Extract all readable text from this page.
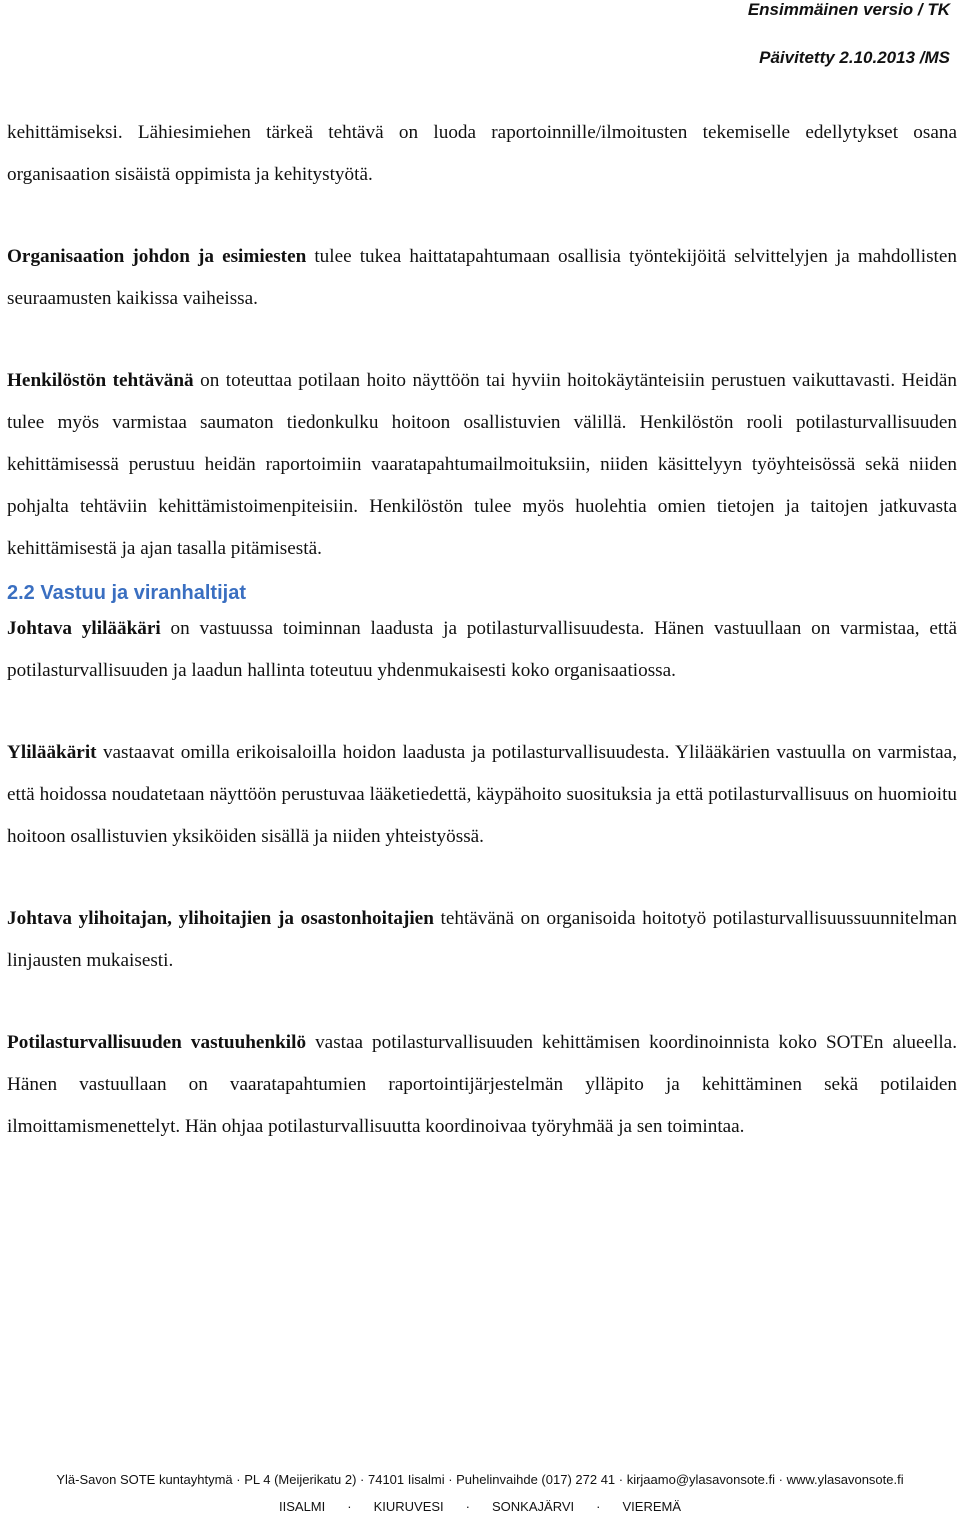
Ensimmäinen versio / TK
Päivitetty 2.10.2013 /MS

kehittämiseksi. Lähiesimiehen tärkeä tehtävä on luoda raportoinnille/ilmoitusten tekemiselle edellytykset osana organisaation sisäistä oppimista ja kehitystyötä.

Organisaation johdon ja esimiesten tulee tukea haittatapahtumaan osallisia työntekijöitä selvittelyjen ja mahdollisten seuraamusten kaikissa vaiheissa.

Henkilöstön tehtävänä on toteuttaa potilaan hoito näyttöön tai hyviin hoitokäytänteisiin perustuen vaikuttavasti. Heidän tulee myös varmistaa saumaton tiedonkulku hoitoon osallistuvien välillä. Henkilöstön rooli potilasturvallisuuden kehittämisessä perustuu heidän raportoimiin vaaratapahtumailmoituksiin, niiden käsittelyyn työyhteisössä sekä niiden pohjalta tehtäviin kehittämistoimenpiteisiin. Henkilöstön tulee myös huolehtia omien tietojen ja taitojen jatkuvasta kehittämisestä ja ajan tasalla pitämisestä.

2.2 Vastuu ja viranhaltijat

Johtava ylilääkäri on vastuussa toiminnan laadusta ja potilasturvallisuudesta. Hänen vastuullaan on varmistaa, että potilasturvallisuuden ja laadun hallinta toteutuu yhdenmukaisesti koko organisaatiossa.

Ylilääkärit vastaavat omilla erikoisaloilla hoidon laadusta ja potilasturvallisuudesta. Ylilääkärien vastuulla on varmistaa, että hoidossa noudatetaan näyttöön perustuvaa lääketiedettä, käypähoito suosituksia ja että potilasturvallisuus on huomioitu hoitoon osallistuvien yksiköiden sisällä ja niiden yhteistyössä.

Johtava ylihoitajan, ylihoitajien ja osastonhoitajien tehtävänä on organisoida hoitotyö potilasturvallisuussuunnitelman linjausten mukaisesti.

Potilasturvallisuuden vastuuhenkilö vastaa potilasturvallisuuden kehittämisen koordinoinnista koko SOTEn alueella. Hänen vastuullaan on vaaratapahtumien raportointijärjestelmän ylläpito ja kehittäminen sekä potilaiden ilmoittamismenettelyt. Hän ohjaa potilasturvallisuutta koordinoivaa työryhmää ja sen toimintaa.

Ylä-Savon SOTE kuntayhtymä · PL 4 (Meijerikatu 2) · 74101 Iisalmi · Puhelinvaihde (017) 272 41 · kirjaamo@ylasavonsote.fi · www.ylasavonsote.fi
IISALMI · KIURUVESI · SONKAJÄRVI · VIEREMÄ
